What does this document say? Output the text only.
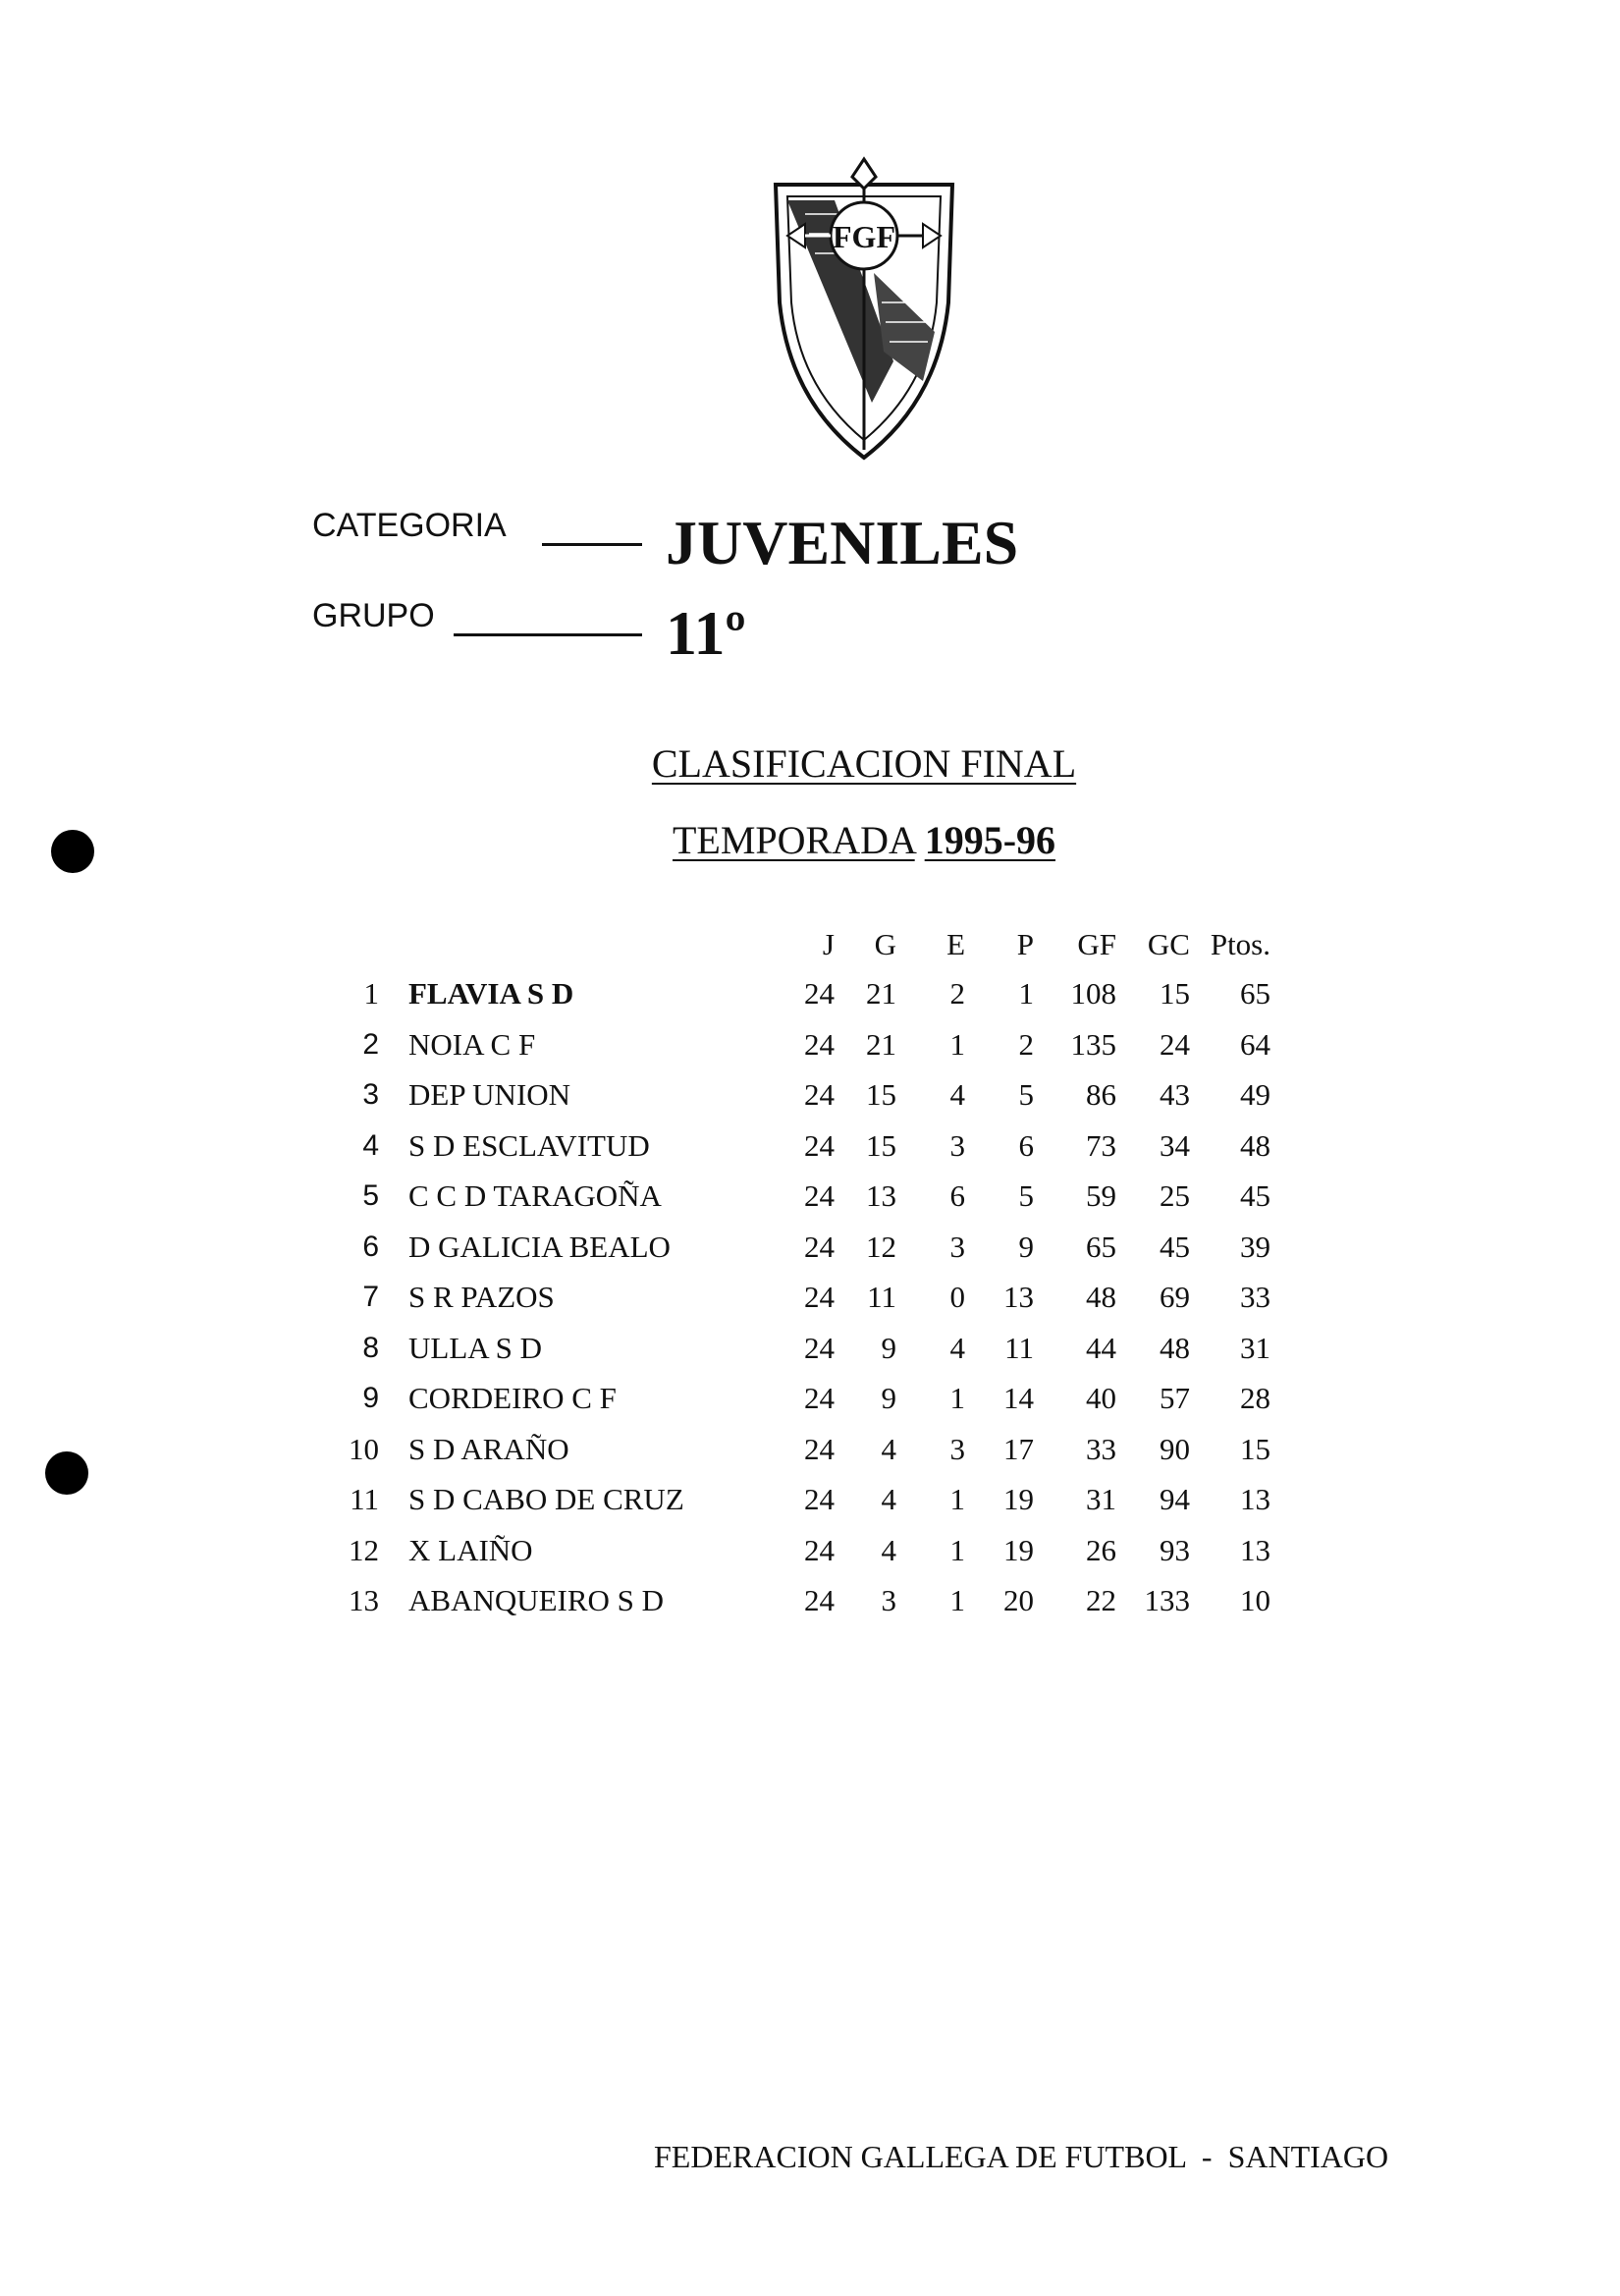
FGF
CATEGORIA	JUVENILES
GRUPO	11º
CLASIFICACION FINAL
TEMPORADA 1995-96
		J	G	E	P	GF	GC	Ptos.
1	FLAVIA S D	24	21	2	1	108	15	65
2	NOIA C F	24	21	1	2	135	24	64
3	DEP UNION	24	15	4	5	86	43	49
4	S D ESCLAVITUD	24	15	3	6	73	34	48
5	C C D TARAGOÑA	24	13	6	5	59	25	45
6	D GALICIA BEALO	24	12	3	9	65	45	39
7	S R PAZOS	24	11	0	13	48	69	33
8	ULLA S D	24	9	4	11	44	48	31
9	CORDEIRO C F	24	9	1	14	40	57	28
10	S D ARAÑO	24	4	3	17	33	90	15
11	S D CABO DE CRUZ	24	4	1	19	31	94	13
12	X LAIÑO	24	4	1	19	26	93	13
13	ABANQUEIRO S D	24	3	1	20	22	133	10
FEDERACION GALLEGA DE FUTBOL  -  SANTIAGO
